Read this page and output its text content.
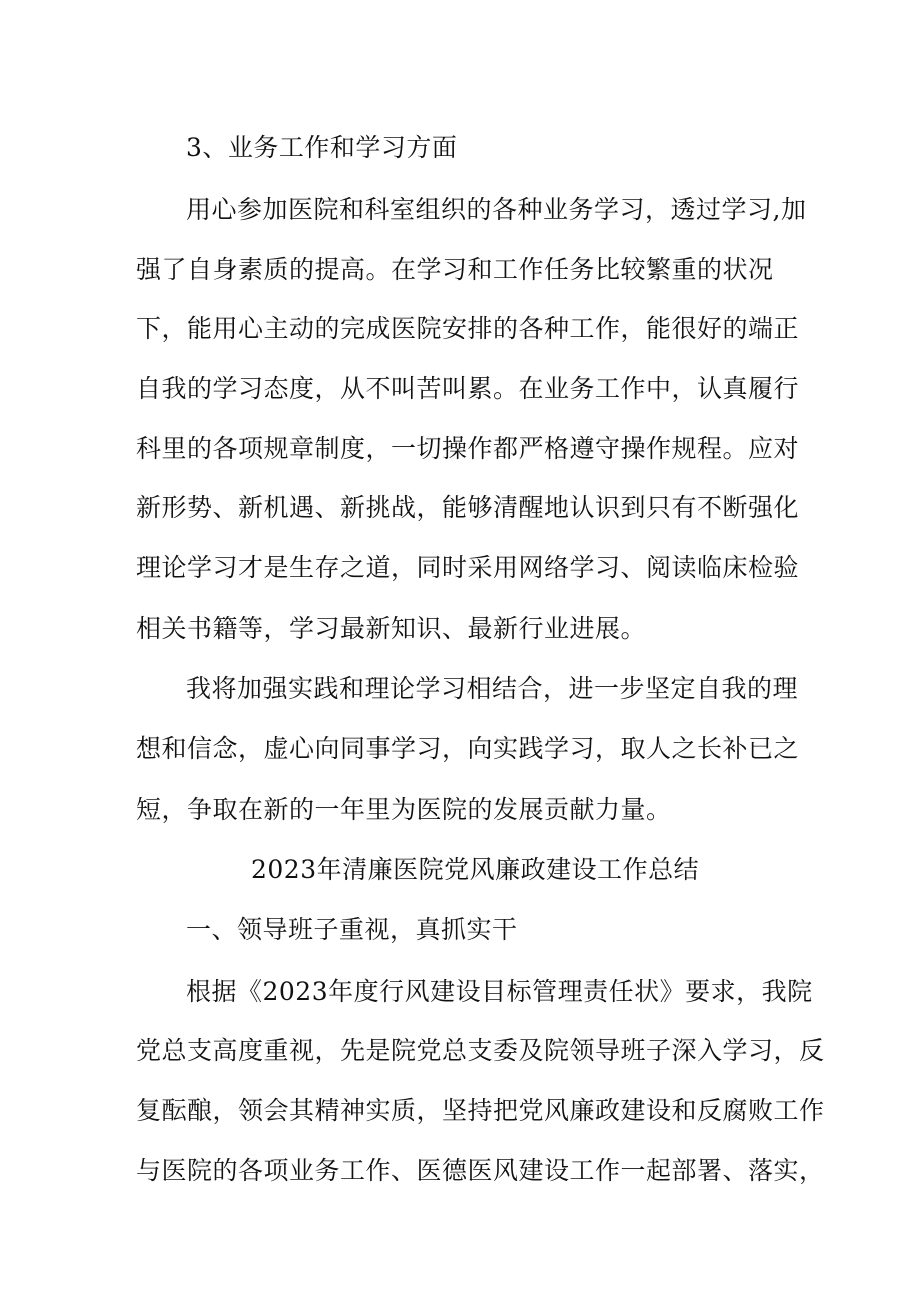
3、业务工作和学习方面
用心参加医院和科室组织的各种业务学习，透过学习,加
强了自身素质的提高。在学习和工作任务比较繁重的状况
下，能用心主动的完成医院安排的各种工作，能很好的端正
自我的学习态度，从不叫苦叫累。在业务工作中，认真履行
科里的各项规章制度，一切操作都严格遵守操作规程。应对
新形势、新机遇、新挑战，能够清醒地认识到只有不断强化
理论学习才是生存之道，同时采用网络学习、阅读临床检验
相关书籍等，学习最新知识、最新行业进展。
我将加强实践和理论学习相结合，进一步坚定自我的理
想和信念，虚心向同事学习，向实践学习，取人之长补已之
短，争取在新的一年里为医院的发展贡献力量。
2023年清廉医院党风廉政建设工作总结
一、领导班子重视，真抓实干
根据《2023年度行风建设目标管理责任状》要求，我院
党总支高度重视，先是院党总支委及院领导班子深入学习，反
复酝酿，领会其精神实质，坚持把党风廉政建设和反腐败工作
与医院的各项业务工作、医德医风建设工作一起部署、落实，
